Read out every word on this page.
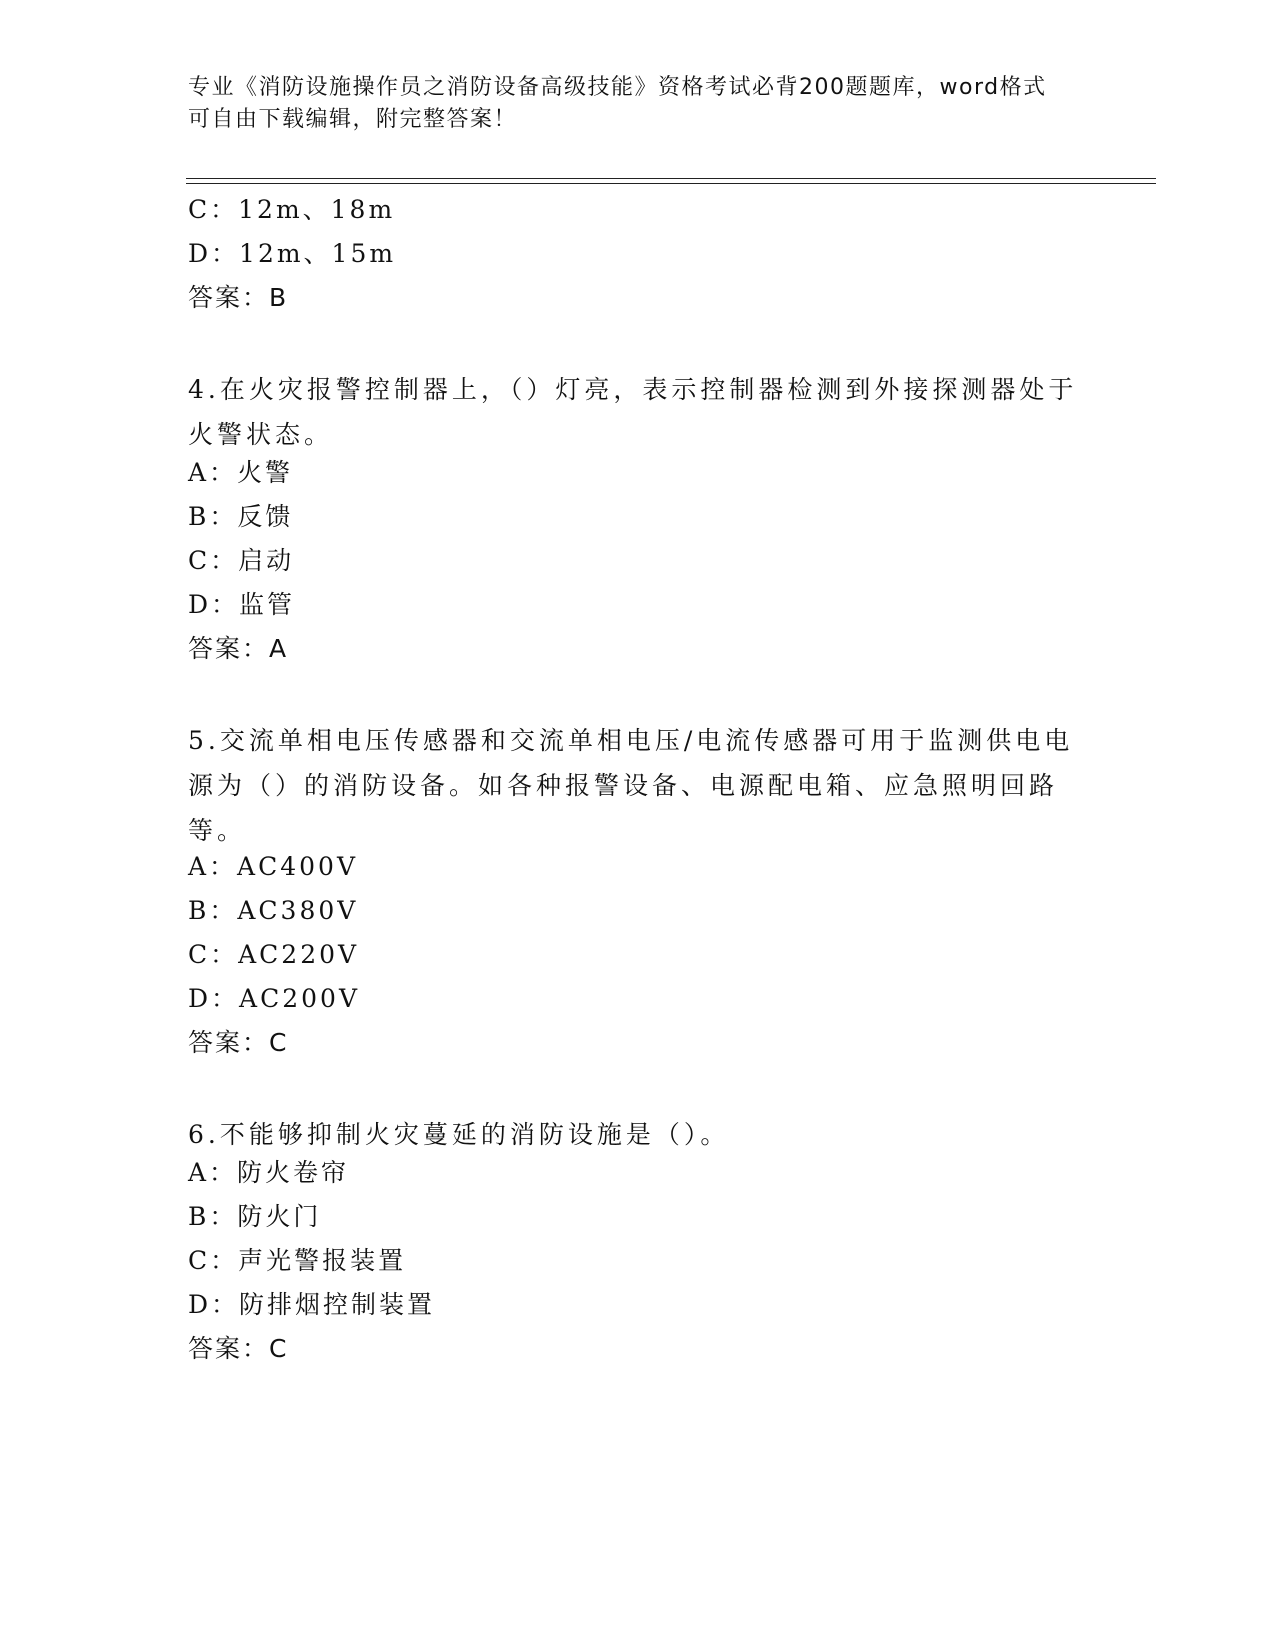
专业《消防设施操作员之消防设备高级技能》资格考试必背200题题库，word格式可自由下载编辑，附完整答案！
C：12m、18m
D：12m、15m
答案：B
4.在火灾报警控制器上，（）灯亮，表示控制器检测到外接探测器处于火警状态。
A：火警
B：反馈
C：启动
D：监管
答案：A
5.交流单相电压传感器和交流单相电压/电流传感器可用于监测供电电源为（）的消防设备。如各种报警设备、电源配电箱、应急照明回路等。
A：AC400V
B：AC380V
C：AC220V
D：AC200V
答案：C
6.不能够抑制火灾蔓延的消防设施是（）。
A：防火卷帘
B：防火门
C：声光警报装置
D：防排烟控制装置
答案：C
